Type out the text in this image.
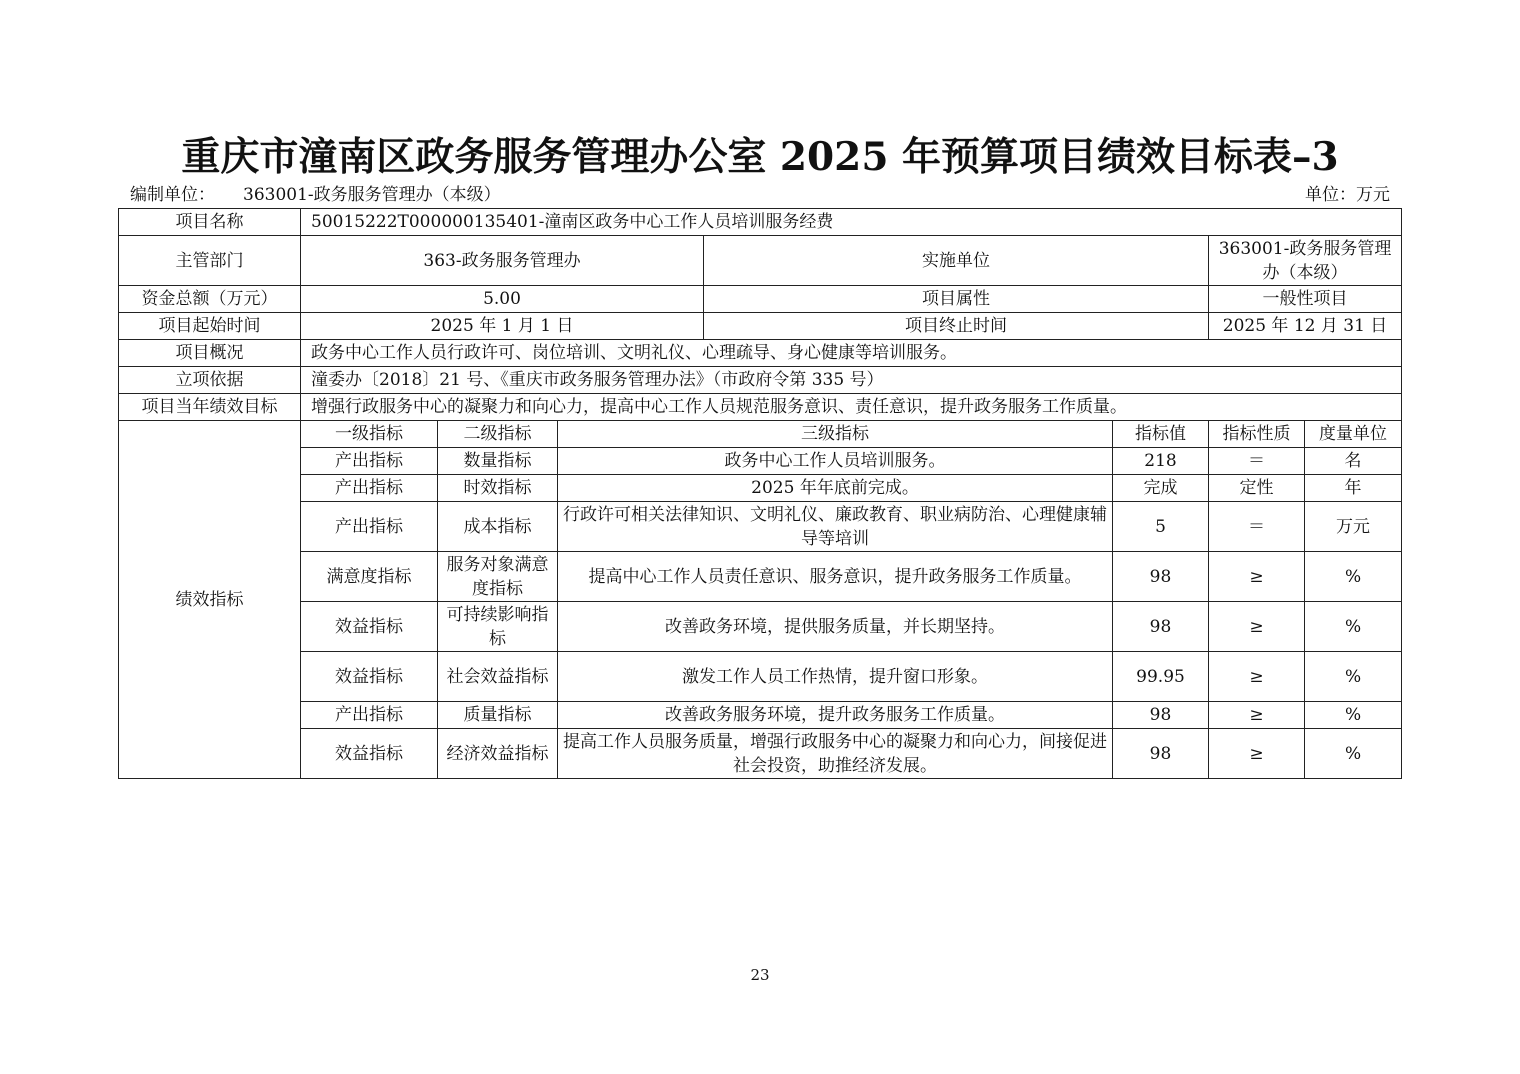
重庆市潼南区政务服务管理办公室 2025 年预算项目绩效目标表–3
编制单位： 363001-政务服务管理办（本级）	单位：万元
项目名称	50015222T000000135401-潼南区政务中心工作人员培训服务经费						
主管部门	363-政务服务管理办			实施单位		363001-政务服务管理办（本级）	
资金总额（万元）	5.00			项目属性		一般性项目	
项目起始时间	2025 年 1 月 1 日			项目终止时间		2025 年 12 月 31 日	
项目概况	政务中心工作人员行政许可、岗位培训、文明礼仪、心理疏导、身心健康等培训服务。						
立项依据	潼委办〔2018〕21 号、《重庆市政务服务管理办法》（市政府令第 335 号）						
项目当年绩效目标	增强行政服务中心的凝聚力和向心力，提高中心工作人员规范服务意识、责任意识，提升政务服务工作质量。						
绩效指标	一级指标	二级指标	三级指标		指标值	指标性质	度量单位
	产出指标	数量指标	政务中心工作人员培训服务。		218	＝	名
	产出指标	时效指标	2025 年年底前完成。		完成	定性	年
	产出指标	成本指标	行政许可相关法律知识、文明礼仪、廉政教育、职业病防治、心理健康辅导等培训		5	＝	万元
	满意度指标	服务对象满意度指标	提高中心工作人员责任意识、服务意识，提升政务服务工作质量。		98	≥	%
	效益指标	可持续影响指标	改善政务环境，提供服务质量，并长期坚持。		98	≥	%
	效益指标	社会效益指标	激发工作人员工作热情，提升窗口形象。		99.95	≥	%
	产出指标	质量指标	改善政务服务环境，提升政务服务工作质量。		98	≥	%
	效益指标	经济效益指标	提高工作人员服务质量，增强行政服务中心的凝聚力和向心力，间接促进社会投资，助推经济发展。		98	≥	%
23
